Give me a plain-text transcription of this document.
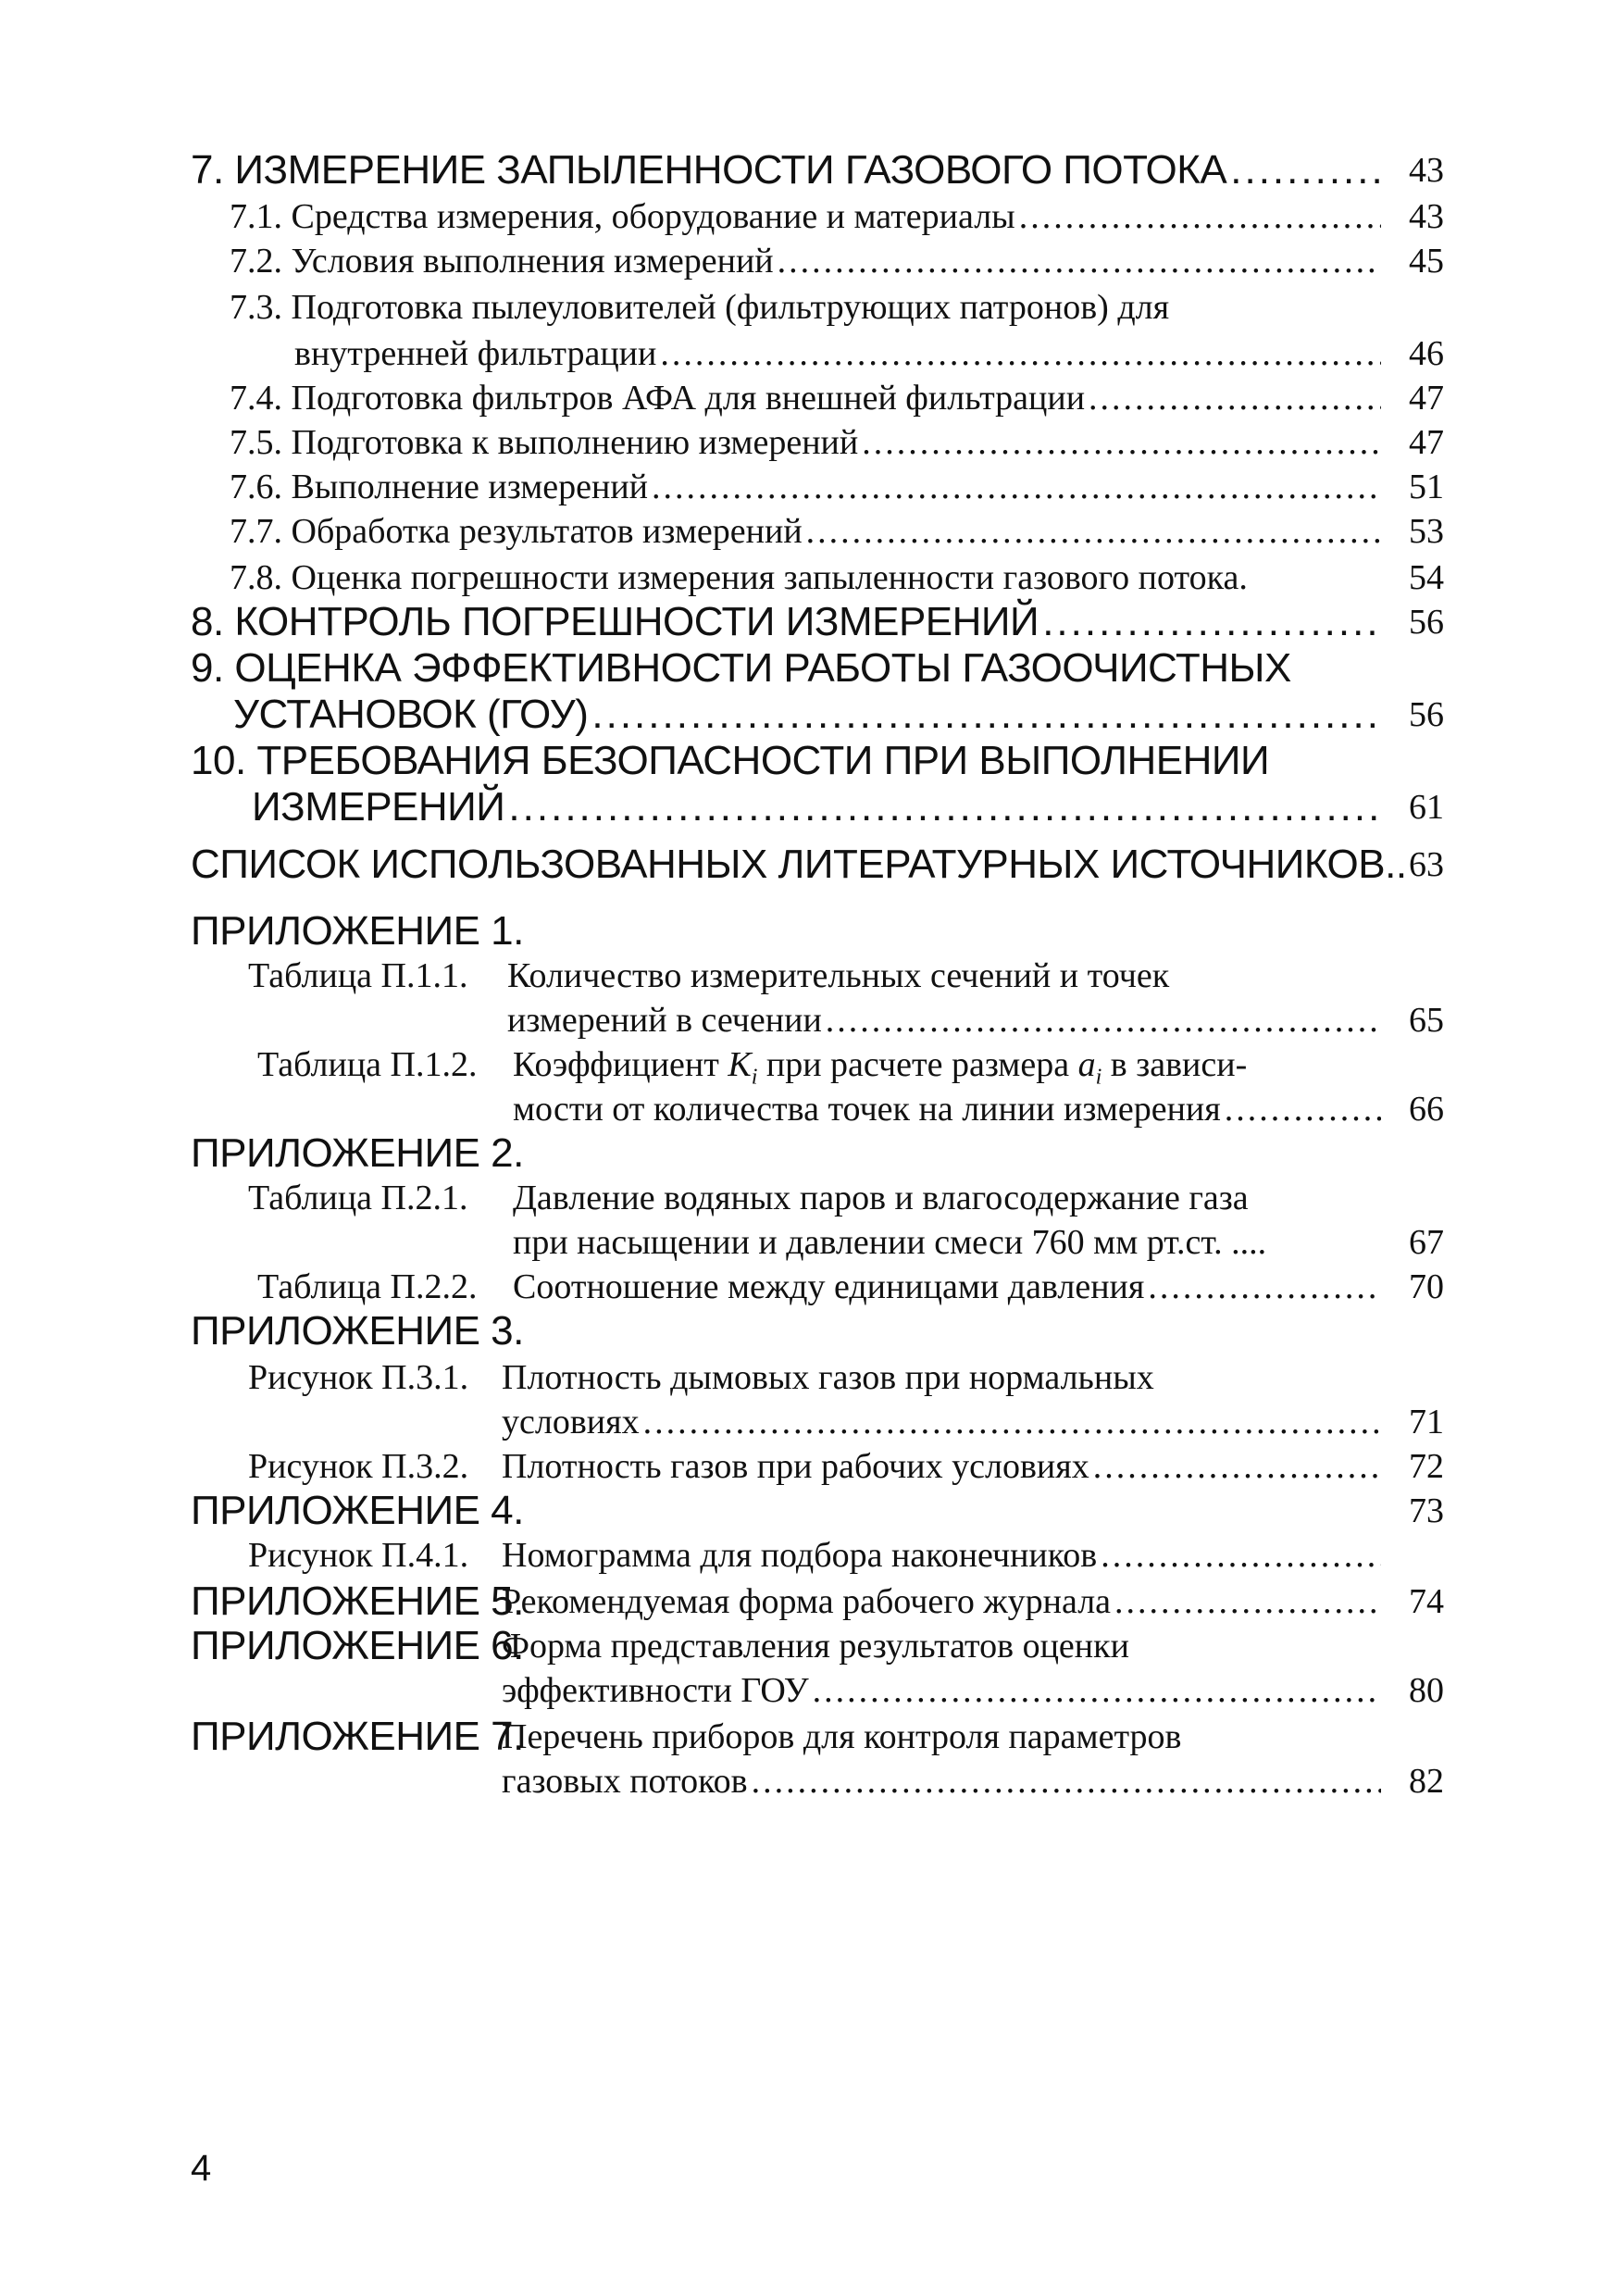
7. ИЗМЕРЕНИЕ ЗАПЫЛЕННОСТИ ГАЗОВОГО ПОТОКА .....	43
7.1. Средства измерения, оборудование и материалы .....	43
7.2. Условия выполнения измерений .....	45
7.3. Подготовка пылеуловителей (фильтрующих патронов) для
внутренней фильтрации .....	46
7.4. Подготовка фильтров АФА для внешней фильтрации .....	47
7.5. Подготовка к выполнению измерений .....	47
7.6. Выполнение измерений .....	51
7.7. Обработка результатов измерений .....	53
7.8. Оценка погрешности измерения запыленности газового потока.	54
8. КОНТРОЛЬ ПОГРЕШНОСТИ ИЗМЕРЕНИЙ .....	56
9. ОЦЕНКА ЭФФЕКТИВНОСТИ РАБОТЫ ГАЗООЧИСТНЫХ
УСТАНОВОК (ГОУ) .....	56
10. ТРЕБОВАНИЯ БЕЗОПАСНОСТИ ПРИ ВЫПОЛНЕНИИ
ИЗМЕРЕНИЙ .....	61
СПИСОК ИСПОЛЬЗОВАННЫХ ЛИТЕРАТУРНЫХ ИСТОЧНИКОВ.. 63
ПРИЛОЖЕНИЕ 1.
Таблица П.1.1. Количество измерительных сечений и точек
измерений в сечении .....	65
Таблица П.1.2. Коэффициент $K_i$ при расчете размера $a_i$ в зависи-
мости от количества точек на линии измерения .....	66
ПРИЛОЖЕНИЕ 2.
Таблица П.2.1. Давление водяных паров и влагосодержание газа
при насыщении и давлении смеси 760 мм рт.ст. ....	67
Таблица П.2.2. Соотношение между единицами давления .....	70
ПРИЛОЖЕНИЕ 3.
Рисунок П.3.1. Плотность дымовых газов при нормальных
условиях .....	71
Рисунок П.3.2. Плотность газов при рабочих условиях .....	72
ПРИЛОЖЕНИЕ 4.	73
Рисунок П.4.1. Номограмма для подбора наконечников
.....
ПРИЛОЖЕНИЕ 5.
Рекомендуемая форма рабочего журнала .....	74
ПРИЛОЖЕНИЕ 6.
Форма представления результатов оценки
эффективности ГОУ .....	80
ПРИЛОЖЕНИЕ 7.
Перечень приборов для контроля параметров
газовых потоков .....	82
4
